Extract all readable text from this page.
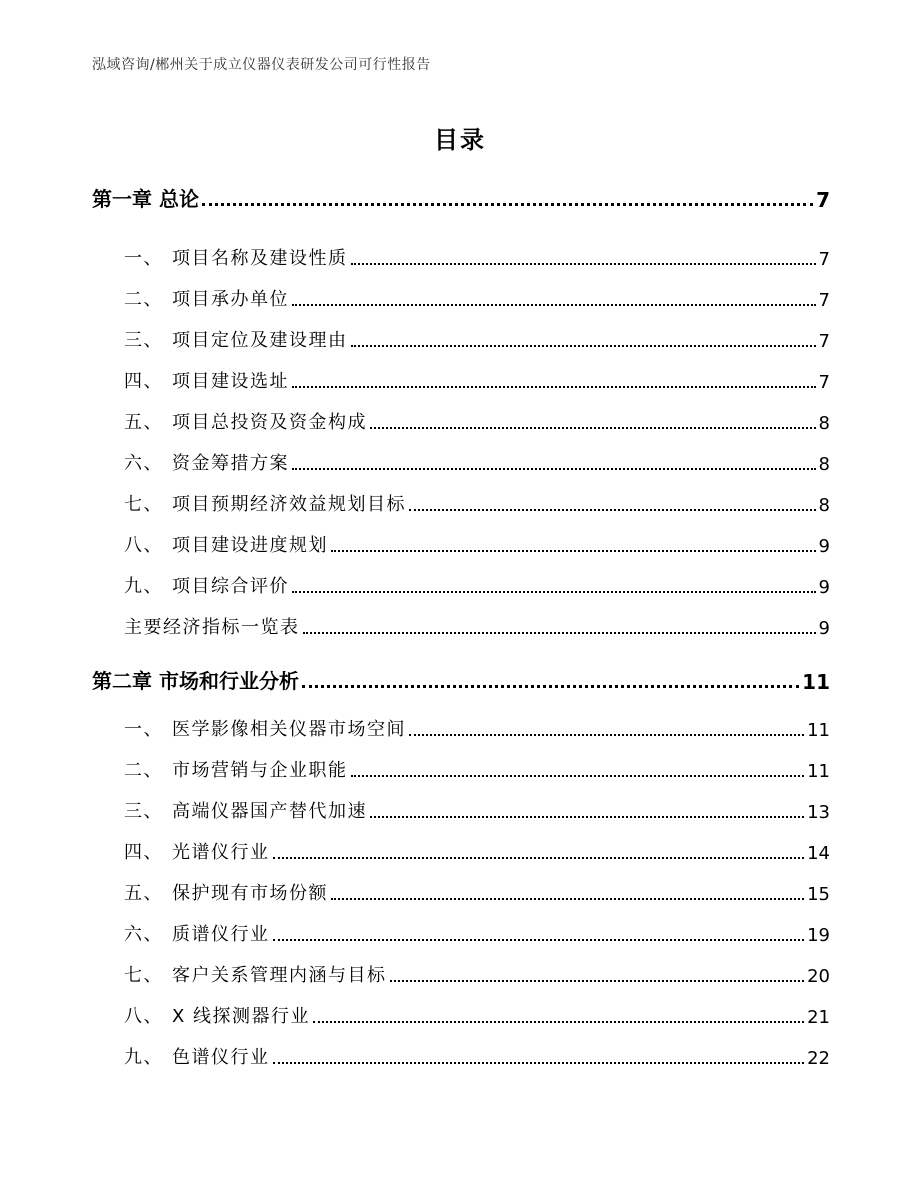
泓域咨询/郴州关于成立仪器仪表研发公司可行性报告
目录
第一章 总论	7
一、 项目名称及建设性质	7
二、 项目承办单位	7
三、 项目定位及建设理由	7
四、 项目建设选址	7
五、 项目总投资及资金构成	8
六、 资金筹措方案	8
七、 项目预期经济效益规划目标	8
八、 项目建设进度规划	9
九、 项目综合评价	9
主要经济指标一览表	9
第二章 市场和行业分析	11
一、 医学影像相关仪器市场空间	11
二、 市场营销与企业职能	11
三、 高端仪器国产替代加速	13
四、 光谱仪行业	14
五、 保护现有市场份额	15
六、 质谱仪行业	19
七、 客户关系管理内涵与目标	20
八、 X 线探测器行业	21
九、 色谱仪行业	22
